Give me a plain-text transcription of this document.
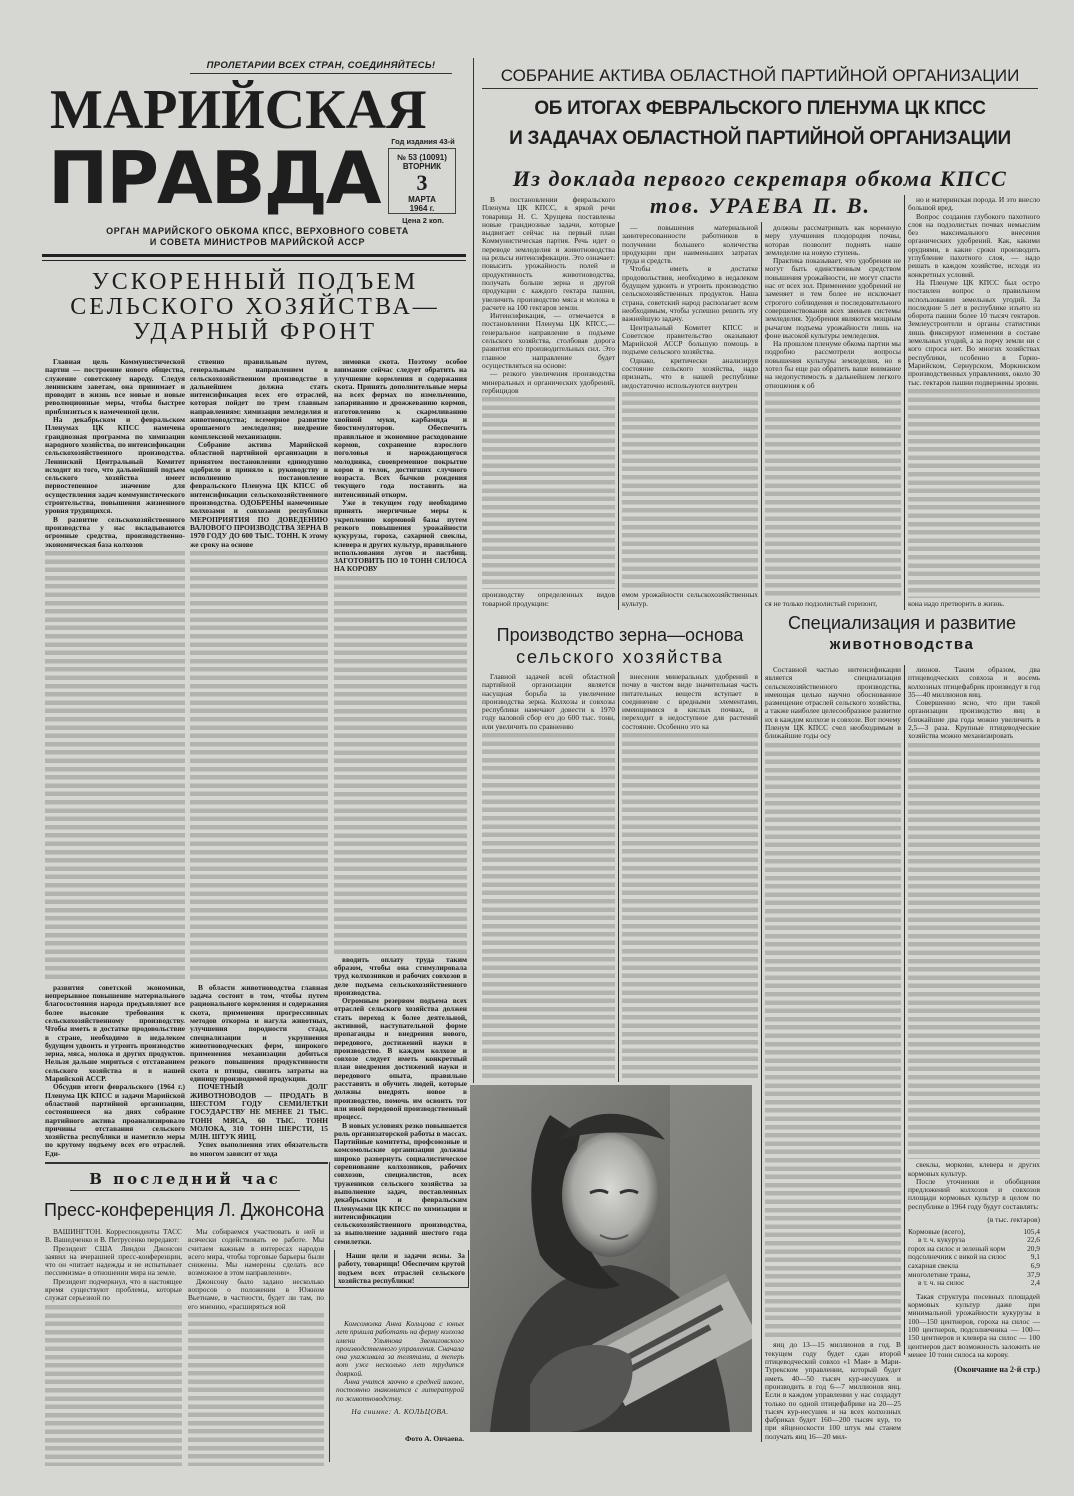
ПРОЛЕТАРИИ ВСЕХ СТРАН, СОЕДИНЯЙТЕСЬ!
МАРИЙСКАЯ
ПРАВДА	Год издания 43-й
№ 53 (10091)
ВТОРНИК
3
МАРТА
1964 г.
Цена 2 коп.
ОРГАН МАРИЙСКОГО ОБКОМА КПСС, ВЕРХОВНОГО СОВЕТА
И СОВЕТА МИНИСТРОВ МАРИЙСКОЙ АССР
УСКОРЕННЫЙ ПОДЪЕМ
СЕЛЬСКОГО ХОЗЯЙСТВА—
УДАРНЫЙ ФРОНТ

Главная цель Коммунистической партии — построение нового общества, служение советскому народу. Следуя ленинским заветам, она принимает и проводит в жизнь все новые и новые революционные меры, чтобы быстрее приблизиться к намеченной цели.

На декабрьском и февральском Пленумах ЦК КПСС намечена грандиозная программа по химизации народного хозяйства, по интенсификации сельскохозяйственного производства. Ленинский Центральный Комитет исходит из того, что дальнейший подъем сельского хозяйства имеет первостепенное значение для осуществления задач коммунистического строительства, повышения жизненного уровня трудящихся.

В развитие сельскохозяйственного производства у нас вкладываются огромные средства, производственно-экономическая база колхозов

развития советской экономики, непрерывное повышение материального благосостояния народа предъявляют все более высокие требования к сельскохозяйственному производству. Чтобы иметь в достатке продовольствие в стране, необходимо в недалеком будущем удвоить и утроить производство зерна, мяса, молока и других продуктов. Нельзя дальше мириться с отставанием сельского хозяйства и в нашей Марийской АССР.

Обсудив итоги февральского (1964 г.) Пленума ЦК КПСС и задачи Марийской областной партийной организации, состоявшееся на днях собрание партийного актива проанализировало причины отставания сельского хозяйства республики и наметило меры по крутому подъему всех его отраслей. Еди-

ственно правильным путем, генеральным направлением в сельскохозяйственном производстве в дальнейшем должна стать интенсификация всех его отраслей, которая пойдет по трем главным направлениям: химизация земледелия и животноводства; всемерное развитие орошаемого земледелия; внедрение комплексной механизации.

Собрание актива Марийской областной партийной организации в принятом постановлении единодушно одобрило и приняло к руководству и исполнению постановление февральского Пленума ЦК КПСС об интенсификации сельскохозяйственного производства. ОДОБРЕНЫ намеченные колхозами и совхозами республики МЕРОПРИЯТИЯ ПО ДОВЕДЕНИЮ ВАЛОВОГО ПРОИЗВОДСТВА ЗЕРНА В 1970 ГОДУ ДО 600 ТЫС. ТОНН. К этому же сроку на основе

В области животноводства главная задача состоит в том, чтобы путем рационального кормления и содержания скота, применения прогрессивных методов откорма и нагула животных, улучшения породности стада, специализации и укрупнения животноводческих ферм, широкого применения механизации добиться резкого повышения продуктивности скота и птицы, снизить затраты на единицу производимой продукции.

ПОЧЕТНЫЙ ДОЛГ ЖИВОТНОВОДОВ — ПРОДАТЬ В ШЕСТОМ ГОДУ СЕМИЛЕТКИ ГОСУДАРСТВУ НЕ МЕНЕЕ 21 ТЫС. ТОНН МЯСА, 60 ТЫС. ТОНН МОЛОКА, 310 ТОНН ШЕРСТИ, 15 МЛН. ШТУК ЯИЦ.

Успех выполнения этих обязательств во многом зависит от хода

зимовки скота. Поэтому особое внимание сейчас следует обратить на улучшение кормления и содержания скота. Принять дополнительные меры на всех фермах по измельчению, запариванию и дрожжеванию кормов, изготовлению к скармливанию хвойной муки, карбамида и биостимуляторов. Обеспечить правильное и экономное расходование кормов, сохранение взрослого поголовья и нарождающегося молодняка, своевременное покрытие коров и телок, достигших случного возраста. Всех бычков рождения текущего года поставить на интенсивный откорм.

Уже в текущем году необходимо принять энергичные меры к укреплению кормовой базы путем резкого повышения урожайности кукурузы, гороха, сахарной свеклы, клевера и других культур, правильного использования лугов и пастбищ. ЗАГОТОВИТЬ ПО 10 ТОНН СИЛОСА НА КОРОВУ

вводить оплату труда таким образом, чтобы она стимулировала труд колхозников и рабочих совхозов в деле подъема сельскохозяйственного производства.

Огромным резервом подъема всех отраслей сельского хозяйства должен стать переход к более деятельной, активной, наступательной форме пропаганды и внедрения нового, передового, достижений науки в производство. В каждом колхозе и совхозе следует иметь конкретный план внедрения достижений науки и передового опыта, правильно расставить и обучить людей, которые должны внедрять новое в производство, помочь им освоить тот или иной передовой производственный процесс.

В новых условиях резко повышается роль организаторской работы в массах. Партийные комитеты, профсоюзные и комсомольские организации должны широко развернуть социалистическое соревнование колхозников, рабочих совхозов, специалистов, всех тружеников сельского хозяйства за выполнение задач, поставленных декабрьским и февральским Пленумами ЦК КПСС по химизации и интенсификации сельскохозяйственного производства, за выполнение заданий шестого года семилетки.

Наши цели и задачи ясны. За работу, товарищи! Обеспечим крутой подъем всех отраслей сельского хозяйства республики!

В последний час
Пресс-конференция Л. Джонсона

ВАШИНГТОН. Корреспонденты ТАСС В. Вашедченко и В. Петрусенко передают:

Президент США Линдон Джонсон заявил на вчерашней пресс-конференции, что он «питает надежды и не испытывает пессимизма» в отношении мира на земле.

Президент подчеркнул, что в настоящее время существуют проблемы, которые служат серьезной по

Мы собираемся участвовать в ней и всячески содействовать ее работе. Мы считаем важным в интересах народов всего мира, чтобы торговые барьеры были снижены. Мы намерены сделать все возможное в этом направлении».

Джонсону было задано несколько вопросов о положении в Южном Вьетнаме, в частности, будет ли там, по его мнению, «расширяться вой

Комсомолка Анна Кольцова с юных лет пришла работать на ферму колхоза имени Ульянова Звениговского производственного управления. Сначала она ухаживала за телятами, а теперь вот уже несколько лет трудится дояркой.

Анна учится заочно в средней школе, постоянно знакомится с литературой по животноводству.

На снимке: А. КОЛЬЦОВА.

Фото А. Овчаева.
СОБРАНИЕ АКТИВА ОБЛАСТНОЙ ПАРТИЙНОЙ ОРГАНИЗАЦИИ
ОБ ИТОГАХ ФЕВРАЛЬСКОГО ПЛЕНУМА ЦК КПСС
И ЗАДАЧАХ ОБЛАСТНОЙ ПАРТИЙНОЙ ОРГАНИЗАЦИИ
Из доклада первого секретаря обкома КПСС
тов. УРАЕВА П. В.

В постановлении февральского Пленума ЦК КПСС, в яркой речи товарища Н. С. Хрущева поставлены новые грандиозные задачи, которые выдвигает сейчас на первый план Коммунистическая партия. Речь идет о переводе земледелия и животноводства на рельсы интенсификации. Это означает: повысить урожайность полей и продуктивность животноводства, получать больше зерна и другой продукции с каждого гектара пашни, увеличить производство мяса и молока в расчете на 100 гектаров земли.

Интенсификация, — отмечается в постановлении Пленума ЦК КПСС,— генеральное направление в подъеме сельского хозяйства, столбовая дорога развития его производительных сил. Это главное направление будет осуществляться на основе:

— резкого увеличения производства минеральных и органических удобрений, гербицидов

производству определенных видов товарной продукции:

— повышения материальной заинтересованности работников в получении большего количества продукции при наименьших затратах труда и средств.

Чтобы иметь в достатке продовольствия, необходимо в недалеком будущем удвоить и утроить производство сельскохозяйственных продуктов. Наша страна, советский народ располагает всем необходимым, чтобы успешно решить эту важнейшую задачу.

Центральный Комитет КПСС и Советское правительство оказывают Марийской АССР большую помощь в подъеме сельского хозяйства.

Однако, критически анализируя состояние сельского хозяйства, надо признать, что в нашей республике недостаточно используются внутрен

емом урожайности сельскохозяйственных культур.

должны рассматривать как коренную меру улучшения плодородия почвы, которая позволит поднять наше земледелие на новую ступень.

Практика показывает, что удобрения не могут быть единственным средством повышения урожайности, не могут спасти нас от всех зол. Применение удобрений не заменяет и тем более не исключает строгого соблюдения и последовательного совершенствования всех звеньев системы земледелия. Удобрения являются мощным рычагом подъема урожайности лишь на фоне высокой культуры земледелия.

На прошлом пленуме обкома партии мы подробно рассмотрели вопросы повышения культуры земледелия, но я хотел бы еще раз обратить ваше внимание на недопустимость в дальнейшем легкого отношения к об

ся не только подзолистый горизонт,

но и материнская порода. И это внесло большой вред.

Вопрос создания глубокого пахотного слоя на подзолистых почвах немыслим без максимального внесения органических удобрений. Как, какими орудиями, в какие сроки производить углубление пахотного слоя, — надо решать в каждом хозяйстве, исходя из конкретных условий.

На Пленуме ЦК КПСС был остро поставлен вопрос о правильном использовании земельных угодий. За последние 5 лет в республике изъято из оборота пашни более 10 тысяч гектаров. Землеустроители и органы статистики лишь фиксируют изменения в составе земельных угодий, а за порчу земли ни с кого спроса нет. Во многих хозяйствах республики, особенно в Горно-Марийском, Сернурском, Моркинском производственных управлениях, около 30 тыс. гектаров пашни подвержены эрозии.

кона надо претворить в жизнь.

Производство зерна—основа
сельского хозяйства
Специализация и развитие
животноводства

Главной задачей всей областной партийной организации является насущная борьба за увеличение производства зерна. Колхозы и совхозы республики намечают довести к 1970 году валовой сбор его до 600 тыс. тонн, или увеличить по сравнению

внесения минеральных удобрений в почву в чистом виде значительная часть питательных веществ вступает в соединение с вредными элементами, имеющимися в кислых почвах, и переходит в недоступное для растений состояние. Особенно это ка

Составной частью интенсификации является специализация сельскохозяйственного производства, имеющая целью научно обоснованное размещение отраслей сельского хозяйства, а также наиболее целесообразное развитие их в каждом колхозе и совхозе. Вот почему Пленум ЦК КПСС счел необходимым в ближайшие годы осу

яиц до 13—15 миллионов в год. В текущем году будет сдан второй птицеводческий совхоз «1 Мая» в Мари-Турекском управлении, который будет иметь 40—50 тысяч кур-несушек и производить в год 6—7 миллионов яиц. Если в каждом управлении у нас создадут только по одной птицефабрике на 20—25 тысяч кур-несушек и на всех колхозных фабриках будет 160—200 тысяч кур, то при яйценоскости 100 штук мы станем получать яиц 16—20 мил-

лионов. Таким образом, два птицеводческих совхоза и восемь колхозных птицефабрик произведут в год 35—40 миллионов яиц.

Совершенно ясно, что при такой организации производство яиц в ближайшие два года можно увеличить в 2,5—3 раза. Крупные птицеводческие хозяйства можно механизировать

свеклы, моркови, клевера и других кормовых культур.

После уточнения и обобщения предложений колхозов и совхозов площади кормовых культур в целом по республике в 1964 году будут составлять:

(в тыс. гектаров)
Кормовые (всего),	105,4
в т. ч. кукуруза	22,6
горох на силос и зеленый корм	20,9
подсолнечник с викой на силос	9,1
сахарная свекла	6,9
многолетние травы,	37,9
в т. ч. на силос	2,4

Такая структура посевных площадей кормовых культур даже при минимальной урожайности кукурузы в 100—150 центнеров, гороха на силос — 100 центнеров, подсолнечника — 100—150 центнеров и клевера на силос — 100 центнеров даст возможность заложить не менее 10 тонн силоса на корову.

(Окончание на 2-й стр.)
